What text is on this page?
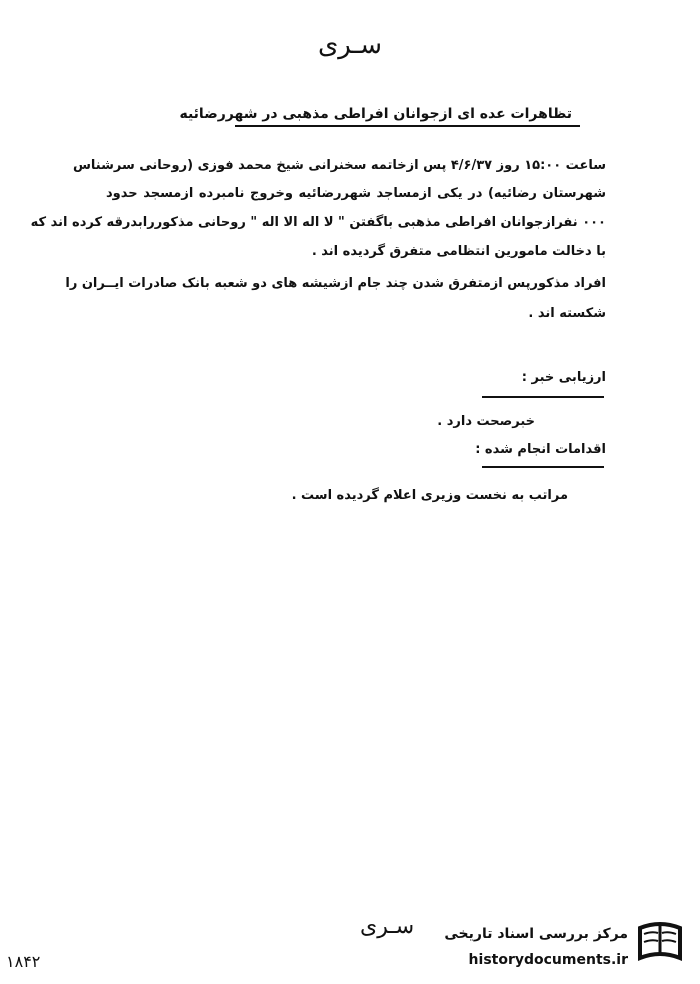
سـری
تظاهرات عده ای ازجوانان افراطی مذهبی در شهررضائیه
ساعت ۱۵:۰۰ روز ۴/۶/۳۷ پس ازخاتمه سخنرانی شیخ محمد فوزی (روحانی سرشناس
شهرستان رضائیه) در یکی ازمساجد شهررضائیه وخروج نامبرده ازمسجد حدود
۰۰۰ نفرازجوانان افراطی مذهبی باگفتن " لا اله الا اله " روحانی مذکوررابدرقه کرده اند که
با دخالت مامورین انتظامی متفرق گردیده اند .
افراد مذکورپس ازمتفرق شدن چند جام ازشیشه های دو شعبه بانک صادرات ایــران را
شکسته اند .
ارزیابی خبر :
خبرصحت دارد .
اقدامات انجام شده :
مراتب به نخست وزیری اعلام گردیده است .
سـری	مرکز بررسی اسناد تاریخی
historydocuments.ir
۱۸۴۲
